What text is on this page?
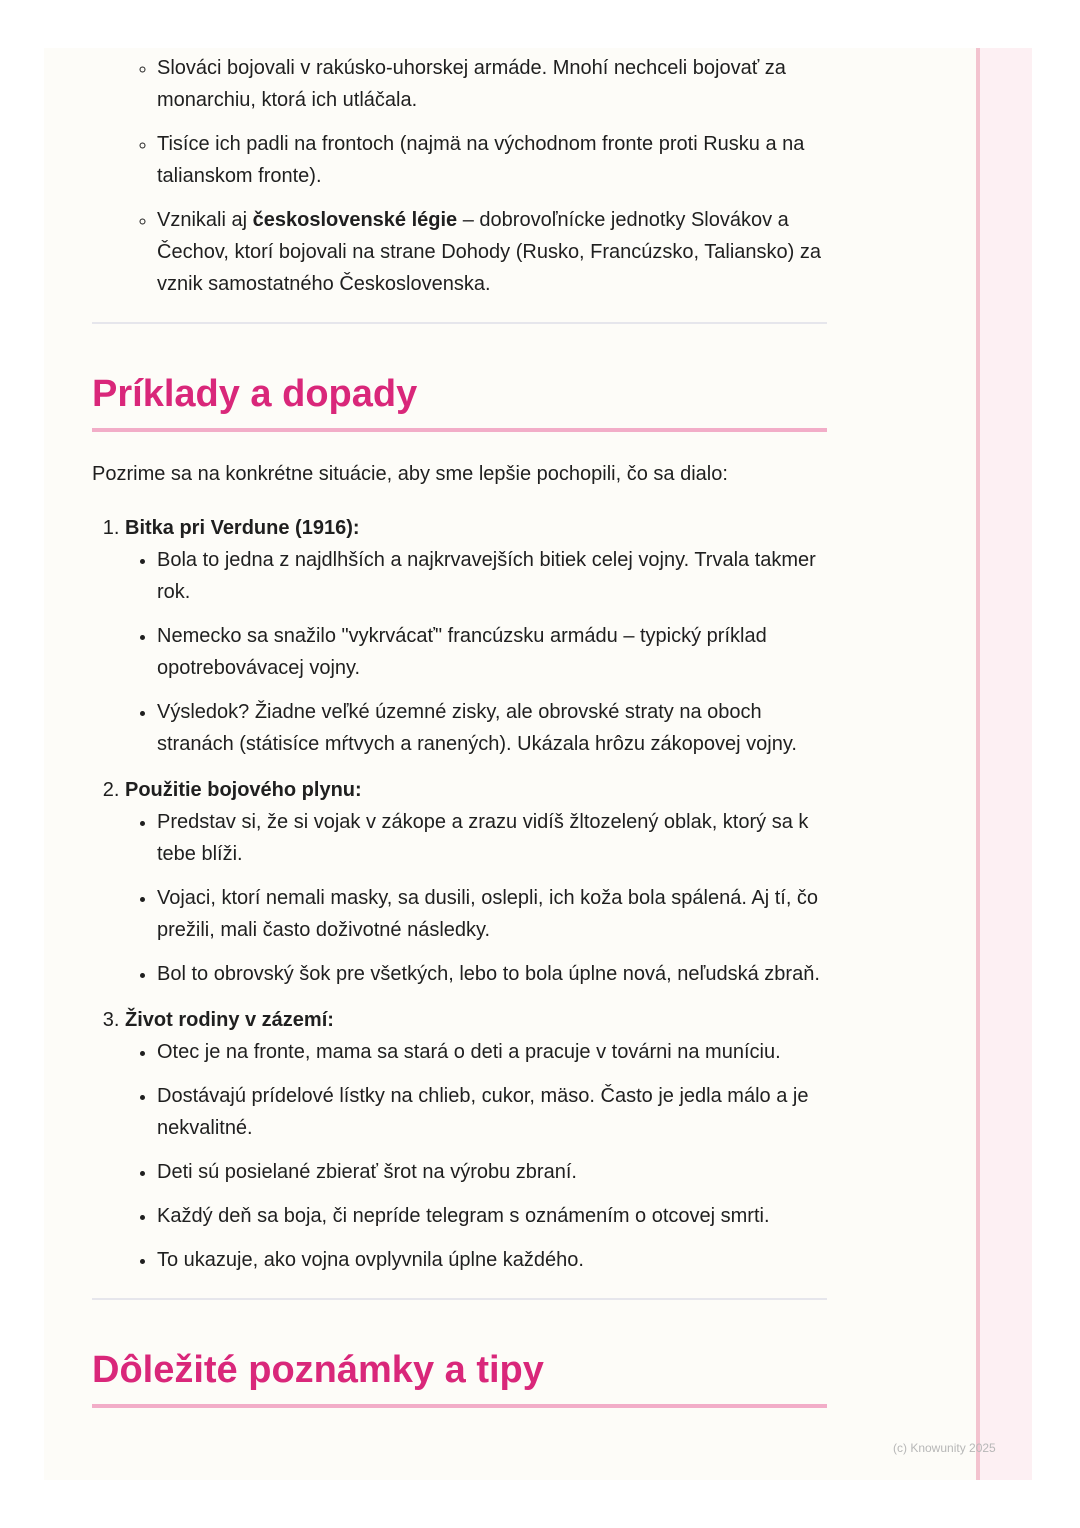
◦ Slováci bojovali v rakúsko-uhorskej armáde. Mnohí nechceli bojovať za monarchiu, ktorá ich utláčala.
◦ Tisíce ich padli na frontoch (najmä na východnom fronte proti Rusku a na talianskom fronte).
◦ Vznikali aj československé légie – dobrovoľnícke jednotky Slovákov a Čechov, ktorí bojovali na strane Dohody (Rusko, Francúzsko, Taliansko) za vznik samostatného Československa.
Príklady a dopady

Pozrime sa na konkrétne situácie, aby sme lepšie pochopili, čo sa dialo:

1. Bitka pri Verdune (1916):
• Bola to jedna z najdlhších a najkrvavejších bitiek celej vojny. Trvala takmer rok.
• Nemecko sa snažilo "vykrvácať" francúzsku armádu – typický príklad opotrebovávacej vojny.
• Výsledok? Žiadne veľké územné zisky, ale obrovské straty na oboch stranách (státisíce mŕtvych a ranených). Ukázala hrôzu zákopovej vojny.
2. Použitie bojového plynu:
• Predstav si, že si vojak v zákope a zrazu vidíš žltozelený oblak, ktorý sa k tebe blíži.
• Vojaci, ktorí nemali masky, sa dusili, oslepli, ich koža bola spálená. Aj tí, čo prežili, mali často doživotné následky.
• Bol to obrovský šok pre všetkých, lebo to bola úplne nová, neľudská zbraň.
3. Život rodiny v zázemí:
• Otec je na fronte, mama sa stará o deti a pracuje v továrni na muníciu.
• Dostávajú prídelové lístky na chlieb, cukor, mäso. Často je jedla málo a je nekvalitné.
• Deti sú posielané zbierať šrot na výrobu zbraní.
• Každý deň sa boja, či nepríde telegram s oznámením o otcovej smrti.
• To ukazuje, ako vojna ovplyvnila úplne každého.
Dôležité poznámky a tipy
(c) Knowunity 2025
